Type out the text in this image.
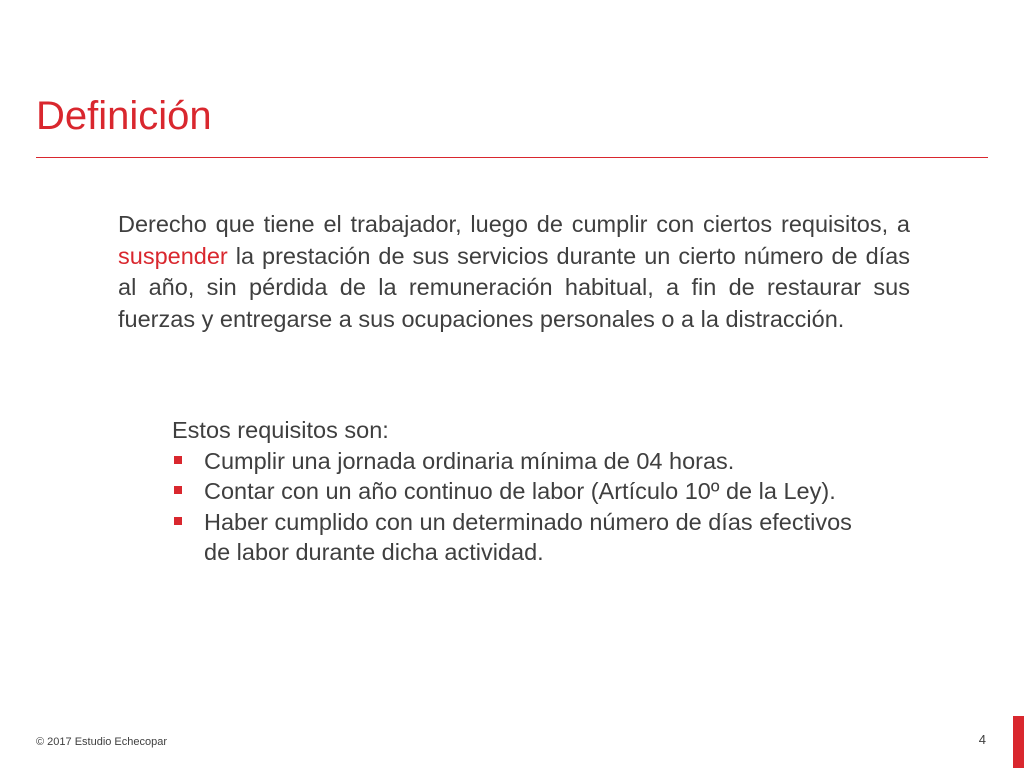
Definición

Derecho que tiene el trabajador, luego de cumplir con ciertos requisitos, a suspender la prestación de sus servicios durante un cierto número de días al año, sin pérdida de la remuneración habitual, a fin de restaurar sus fuerzas y entregarse a sus ocupaciones personales o a la distracción.

Estos requisitos son:

Cumplir una jornada ordinaria mínima de 04 horas.
Contar con un año continuo de labor (Artículo 10º de la Ley).
Haber cumplido con un determinado número de días efectivos de labor durante dicha actividad.
© 2017 Estudio Echecopar	4
